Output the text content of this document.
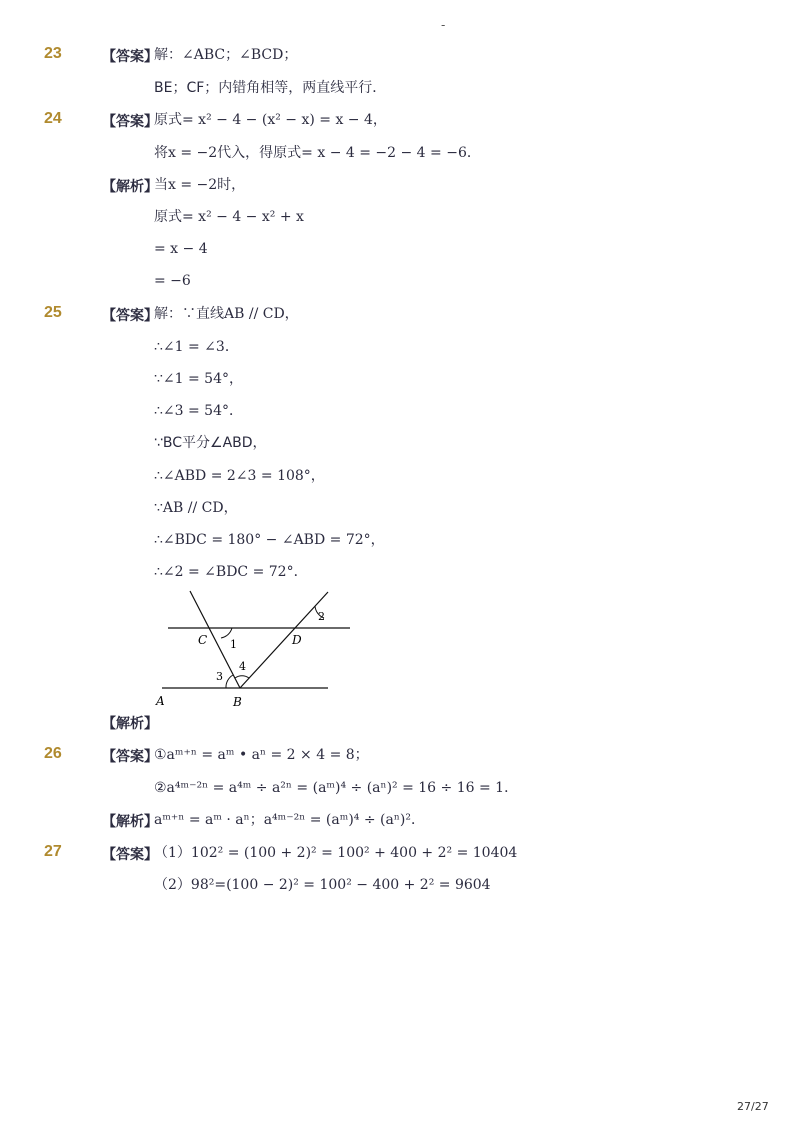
-
23	【答案】
解：∠ABC；∠BCD；
BE；CF；内错角相等，两直线平行．
24	【答案】
原式= x² − 4 − (x² − x) = x − 4，
将x = −2代入，得原式= x − 4 = −2 − 4 = −6．
【解析】
当x = −2时，
原式= x² − 4 − x² + x
= x − 4
= −6
25	【答案】
解：∵直线AB // CD，
∴∠1 = ∠3．
∵∠1 = 54°，
∴∠3 = 54°．
∵BC平分∠ABD，
∴∠ABD = 2∠3 = 108°，
∵AB // CD，
∴∠BDC = 180° − ∠ABD = 72°，
∴∠2 = ∠BDC = 72°．
C	D
A	B
1
2
3
4
【解析】
26	【答案】
①aᵐ⁺ⁿ = aᵐ • aⁿ = 2 × 4 = 8；
②a⁴ᵐ⁻²ⁿ = a⁴ᵐ ÷ a²ⁿ = (aᵐ)⁴ ÷ (aⁿ)² = 16 ÷ 16 = 1．
【解析】
aᵐ⁺ⁿ = aᵐ · aⁿ；a⁴ᵐ⁻²ⁿ = (aᵐ)⁴ ÷ (aⁿ)²．
27	【答案】
（1）102² = (100 + 2)² = 100² + 400 + 2² = 10404
（2）98²=(100 − 2)² = 100² − 400 + 2² = 9604
27/27
